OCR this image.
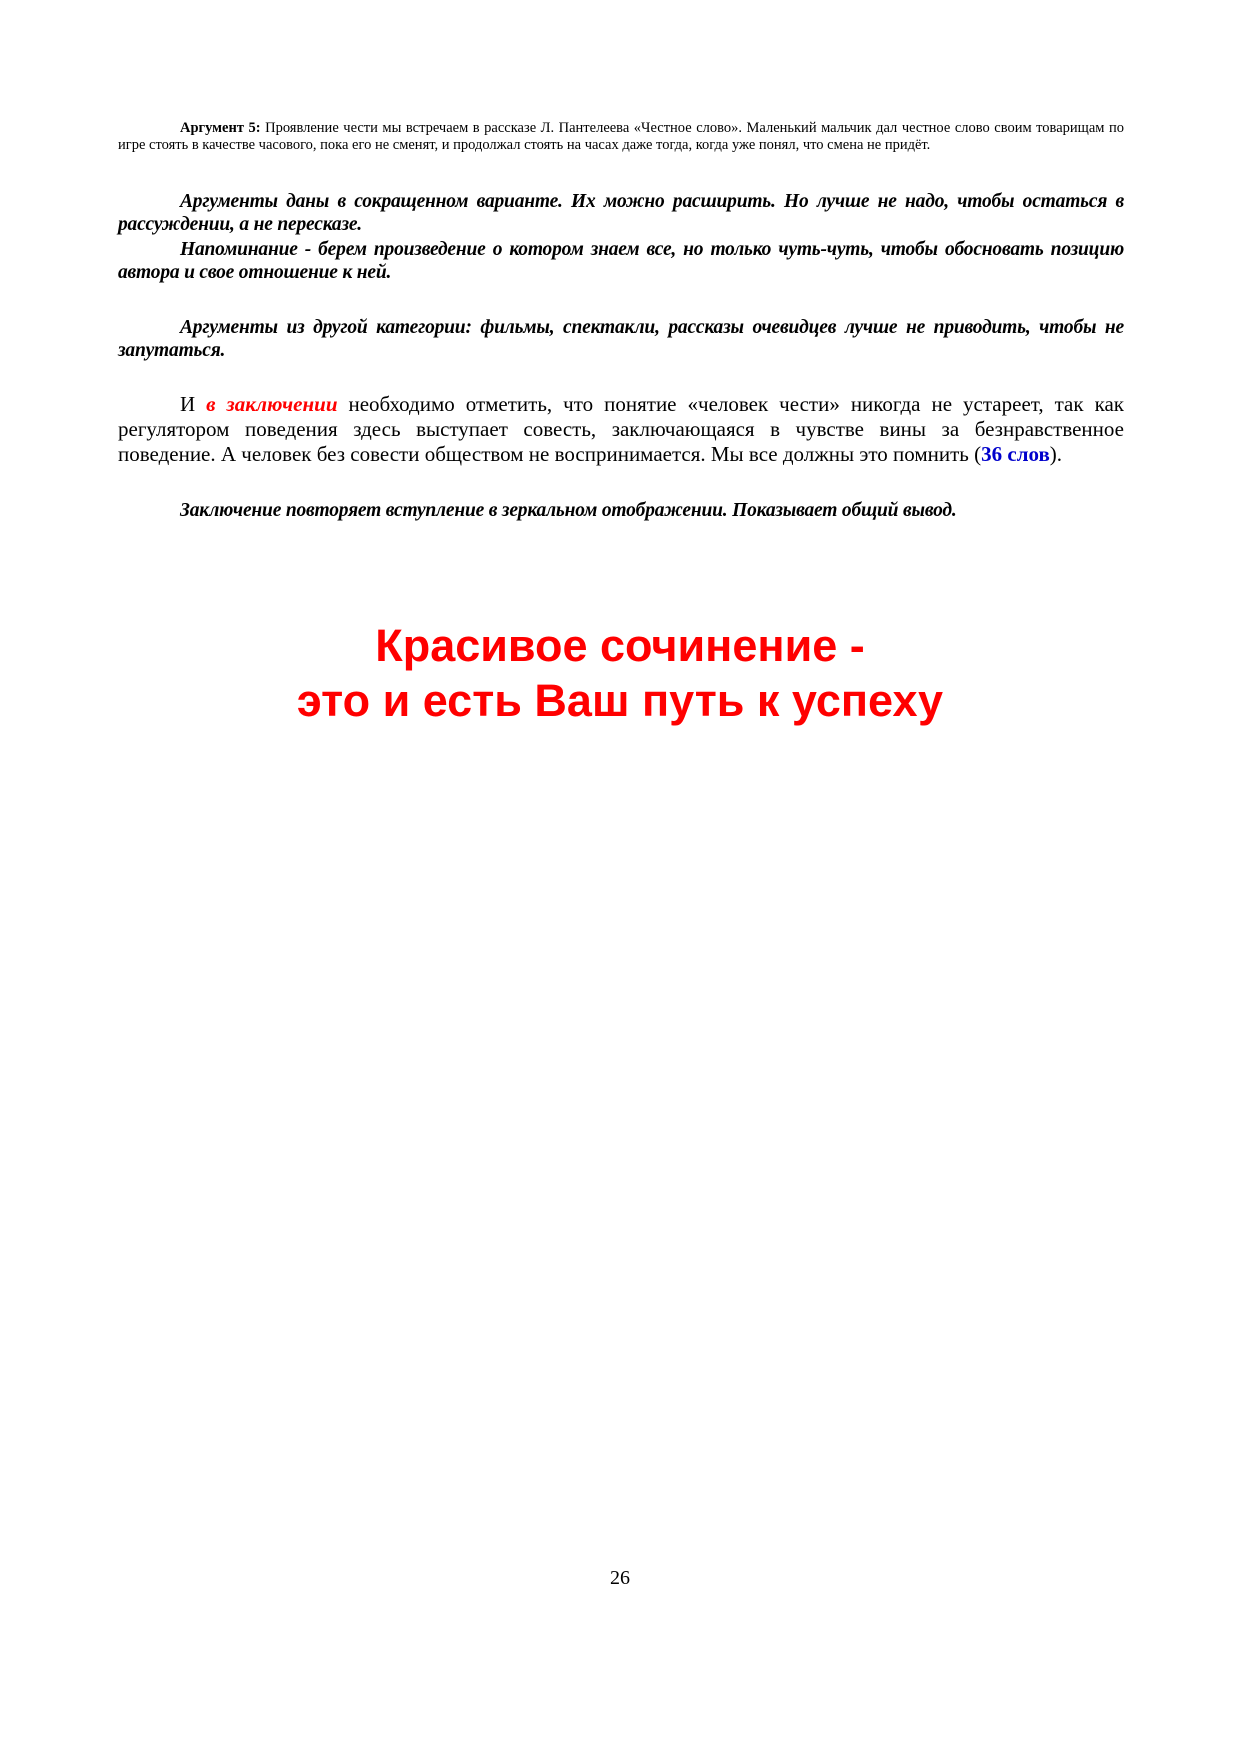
Аргумент 5: Проявление чести мы встречаем в рассказе Л. Пантелеева «Честное слово». Маленький мальчик дал честное слово своим товарищам по игре стоять в качестве часового, пока его не сменят, и продолжал стоять на часах даже тогда, когда уже понял, что смена не придёт.

Аргументы даны в сокращенном варианте. Их можно расширить. Но лучше не надо, чтобы остаться в рассуждении, а не пересказе.

Напоминание - берем произведение о котором знаем все, но только чуть-чуть, чтобы обосновать позицию автора и свое отношение к ней.

Аргументы из другой категории: фильмы, спектакли, рассказы очевидцев лучше не приводить, чтобы не запутаться.

И в заключении необходимо отметить, что понятие «человек чести» никогда не устареет, так как регулятором поведения здесь выступает совесть, заключающаяся в чувстве вины за безнравственное поведение. А человек без совести обществом не воспринимается. Мы все должны это помнить (36 слов).

Заключение повторяет вступление в зеркальном отображении. Показывает общий вывод.

Красивое сочинение -
это и есть Ваш путь к успеху
26
